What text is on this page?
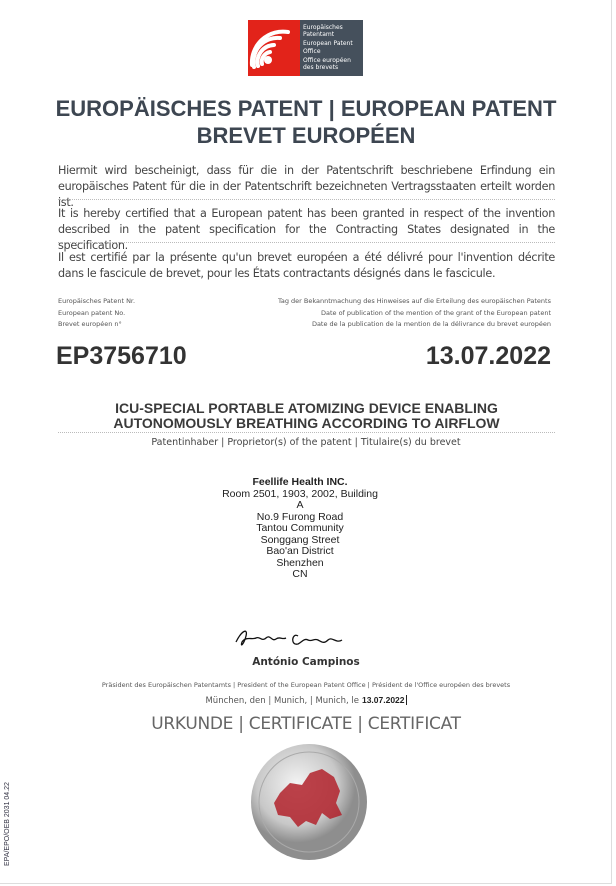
Europäisches Patentamt
European Patent Office
Office européen des brevets
EUROPÄISCHES PATENT | EUROPEAN PATENT
BREVET EUROPÉEN
Hiermit wird bescheinigt, dass für die in der Patentschrift beschriebene Erfindung ein europäisches Patent für die in der Patentschrift bezeichneten Vertragsstaaten erteilt worden ist.
It is hereby certified that a European patent has been granted in respect of the invention described in the patent specification for the Contracting States designated in the specification.
Il est certifié par la présente qu'un brevet européen a été délivré pour l'invention décrite dans le fascicule de brevet, pour les États contractants désignés dans le fascicule.
Europäisches Patent Nr.
European patent No.
Brevet européen n°
Tag der Bekanntmachung des Hinweises auf die Erteilung des europäischen Patents
Date of publication of the mention of the grant of the European patent
Date de la publication de la mention de la délivrance du brevet européen
EP3756710	13.07.2022
ICU-SPECIAL PORTABLE ATOMIZING DEVICE ENABLING
AUTONOMOUSLY BREATHING ACCORDING TO AIRFLOW
Patentinhaber | Proprietor(s) of the patent | Titulaire(s) du brevet
Feellife Health INC.
Room 2501, 1903, 2002, Building
A
No.9 Furong Road
Tantou Community
Songgang Street
Bao'an District
Shenzhen
CN
António Campinos
Präsident des Europäischen Patentamts | President of the European Patent Office | Président de l'Office européen des brevets
München, den | Munich, | Munich, le 13.07.2022
URKUNDE | CERTIFICATE | CERTIFICAT
EPA/EPO/OEB 2031 04.22
